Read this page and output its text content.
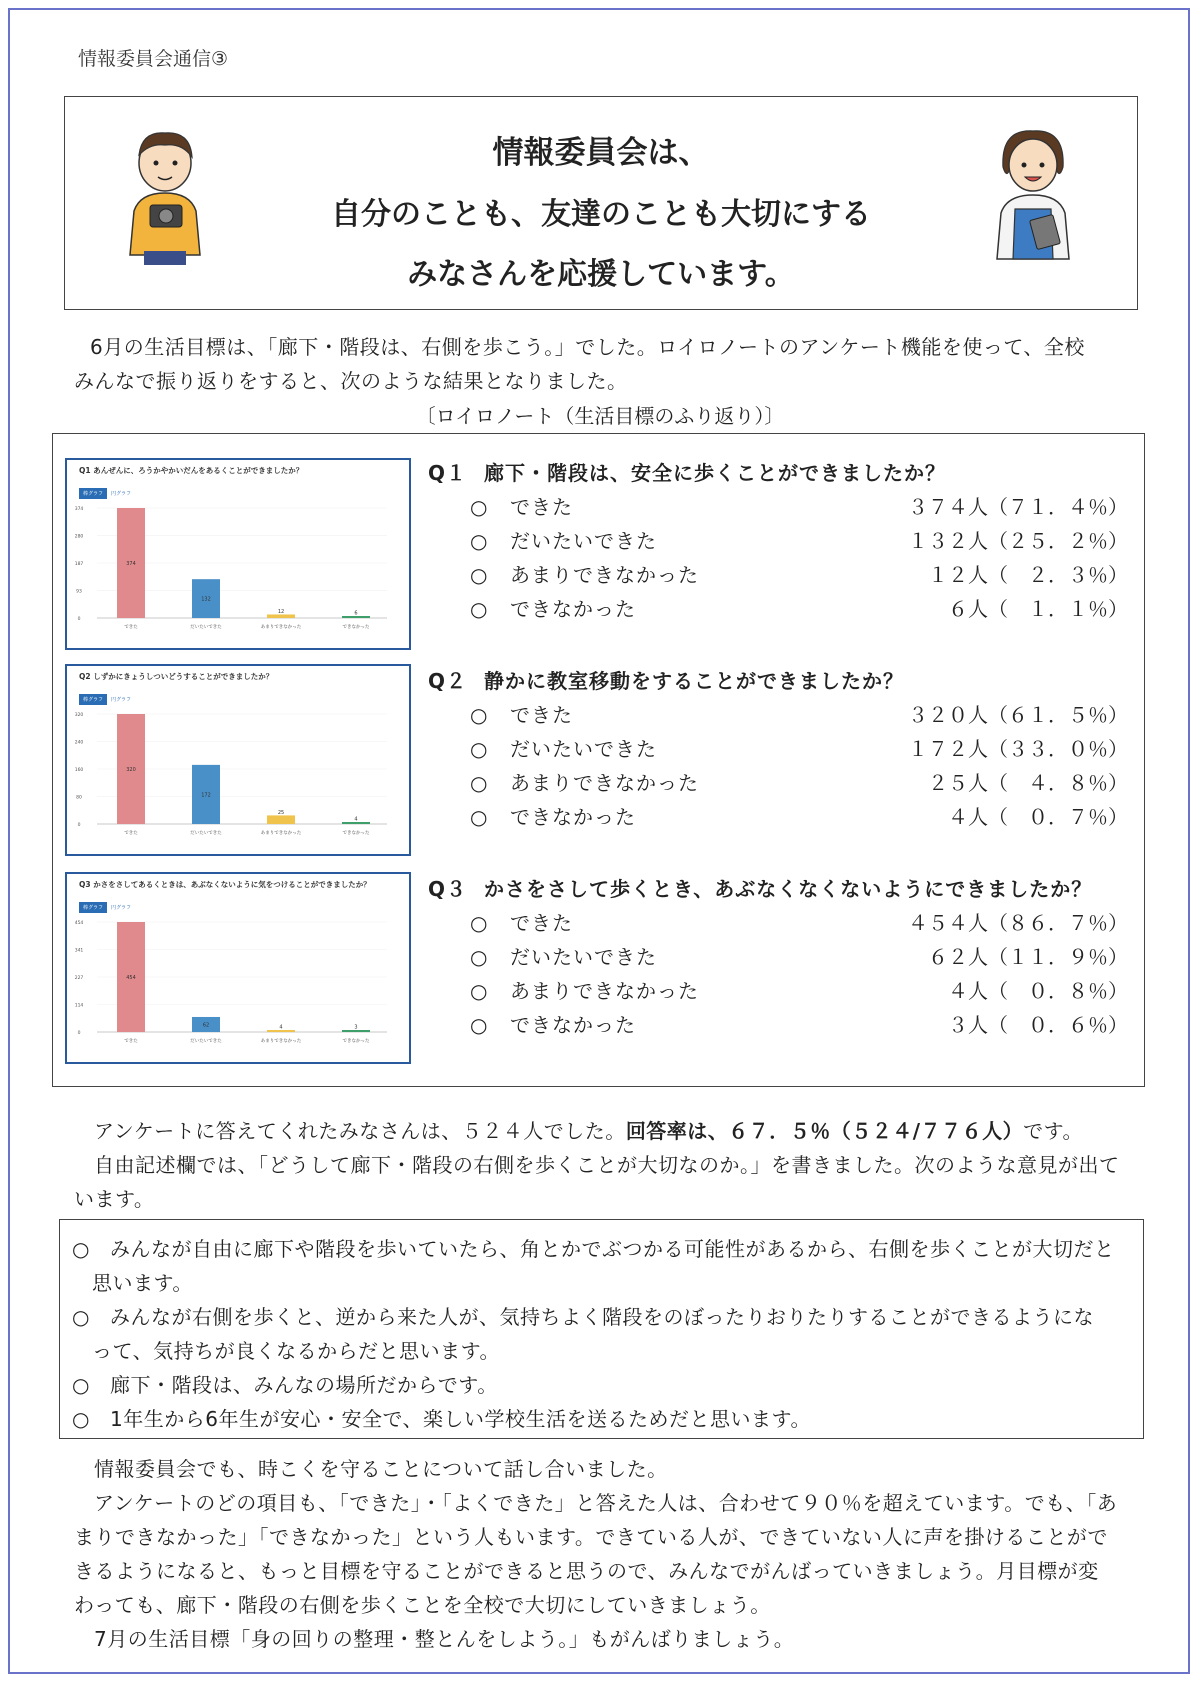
情報委員会通信③
情報委員会は、
自分のことも、友達のことも大切にする
みなさんを応援しています。
6月の生活目標は、「廊下・階段は、右側を歩こう。」でした。ロイロノートのアンケート機能を使って、全校
みんなで振り返りをすると、次のような結果となりました。
〔ロイロノート（生活目標のふり返り）〕
Q1 あんぜんに、ろうかやかいだんをあるくことができましたか？
棒グラフ 円グラフ
0
93
187
280
374
374
できた
132
だいたいできた
12
あまりできなかった
6
できなかった
Q2 しずかにきょうしついどうすることができましたか？
棒グラフ 円グラフ
0
80
160
240
320
320
できた
172
だいたいできた
25
あまりできなかった
4
できなかった
Q3 かさをさしてあるくときは、あぶなくないように気をつけることができましたか？
棒グラフ 円グラフ
0
114
227
341
454
454
できた
62
だいたいできた
4
あまりできなかった
3
できなかった
Q１ 廊下・階段は、安全に歩くことができましたか？
○ できた	３７４人（７１．４％）
○ だいたいできた	１３２人（２５．２％）
○ あまりできなかった	１２人（　２．３％）
○ できなかった	６人（　１．１％）
Q２ 静かに教室移動をすることができましたか？
○ できた	３２０人（６１．５％）
○ だいたいできた	１７２人（３３．０％）
○ あまりできなかった	２５人（　４．８％）
○ できなかった	４人（　０．７％）
Q３ かさをさして歩くとき、あぶなくなくないようにできましたか？
○ できた	４５４人（８６．７％）
○ だいたいできた	６２人（１１．９％）
○ あまりできなかった	４人（　０．８％）
○ できなかった	３人（　０．６％）
アンケートに答えてくれたみなさんは、５２４人でした。回答率は、６７．５％（５２４/７７６人）です。
自由記述欄では、「どうして廊下・階段の右側を歩くことが大切なのか。」を書きました。次のような意見が出て
います。
○ みんなが自由に廊下や階段を歩いていたら、角とかでぶつかる可能性があるから、右側を歩くことが大切だと
思います。
○ みんなが右側を歩くと、逆から来た人が、気持ちよく階段をのぼったりおりたりすることができるようにな
って、気持ちが良くなるからだと思います。
○ 廊下・階段は、みんなの場所だからです。
○ 1年生から6年生が安心・安全で、楽しい学校生活を送るためだと思います。
情報委員会でも、時こくを守ることについて話し合いました。
アンケートのどの項目も、「できた」・「よくできた」と答えた人は、合わせて９０％を超えています。でも、「あ
まりできなかった」「できなかった」という人もいます。できている人が、できていない人に声を掛けることがで
きるようになると、もっと目標を守ることができると思うので、みんなでがんばっていきましょう。月目標が変
わっても、廊下・階段の右側を歩くことを全校で大切にしていきましょう。
7月の生活目標「身の回りの整理・整とんをしよう。」もがんばりましょう。
